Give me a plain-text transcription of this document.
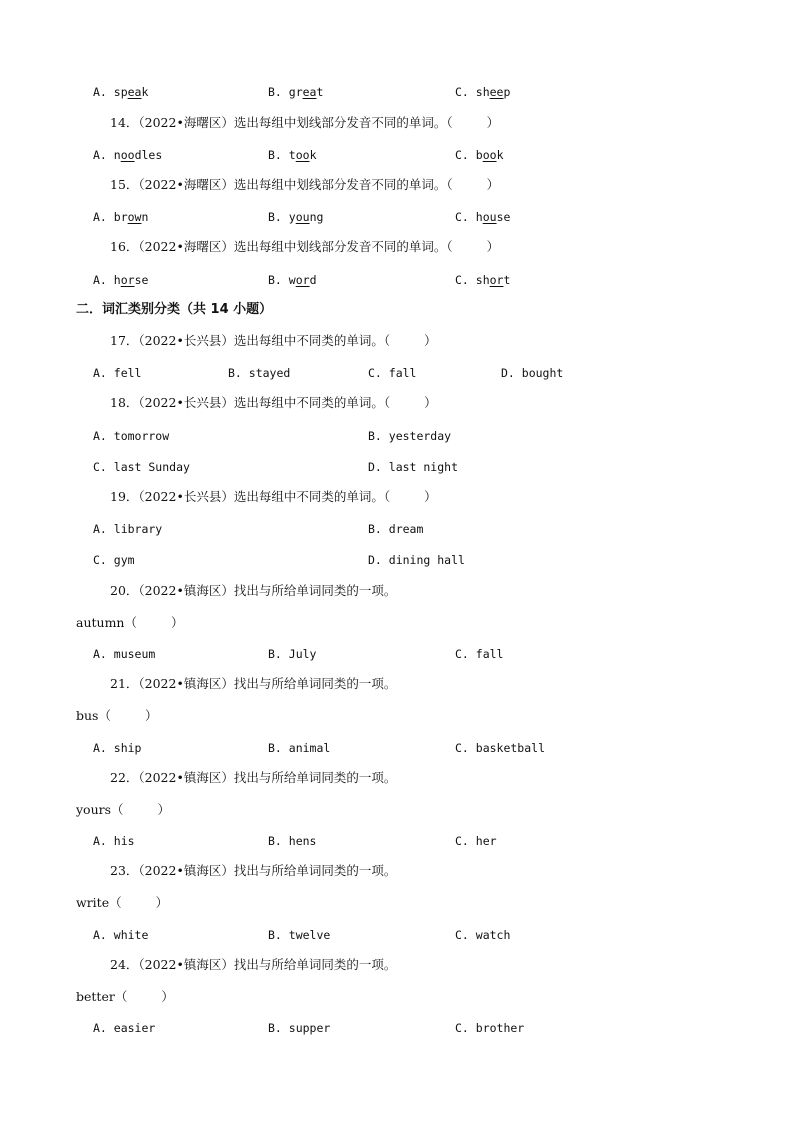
A. speak	B. great	C. sheep
14．（2022•海曙区）选出每组中划线部分发音不同的单词。（	）
A. noodles	B. took	C. book
15．（2022•海曙区）选出每组中划线部分发音不同的单词。（	）
A. brown	B. young	C. house
16．（2022•海曙区）选出每组中划线部分发音不同的单词。（	）
A. horse	B. word	C. short
二．词汇类别分类（共 14 小题）
17．（2022•长兴县）选出每组中不同类的单词。（	）
A. fell	B. stayed	C. fall	D. bought
18．（2022•长兴县）选出每组中不同类的单词。（	）
A. tomorrow	B. yesterday
C. last Sunday	D. last night
19．（2022•长兴县）选出每组中不同类的单词。（	）
A. library	B. dream
C. gym	D. dining hall
20．（2022•镇海区）找出与所给单词同类的一项。
autumn（	）
A. museum	B. July	C. fall
21．（2022•镇海区）找出与所给单词同类的一项。
bus（	）
A. ship	B. animal	C. basketball
22．（2022•镇海区）找出与所给单词同类的一项。
yours（	）
A. his	B. hens	C. her
23．（2022•镇海区）找出与所给单词同类的一项。
write（	）
A. white	B. twelve	C. watch
24．（2022•镇海区）找出与所给单词同类的一项。
better（	）
A. easier	B. supper	C. brother
